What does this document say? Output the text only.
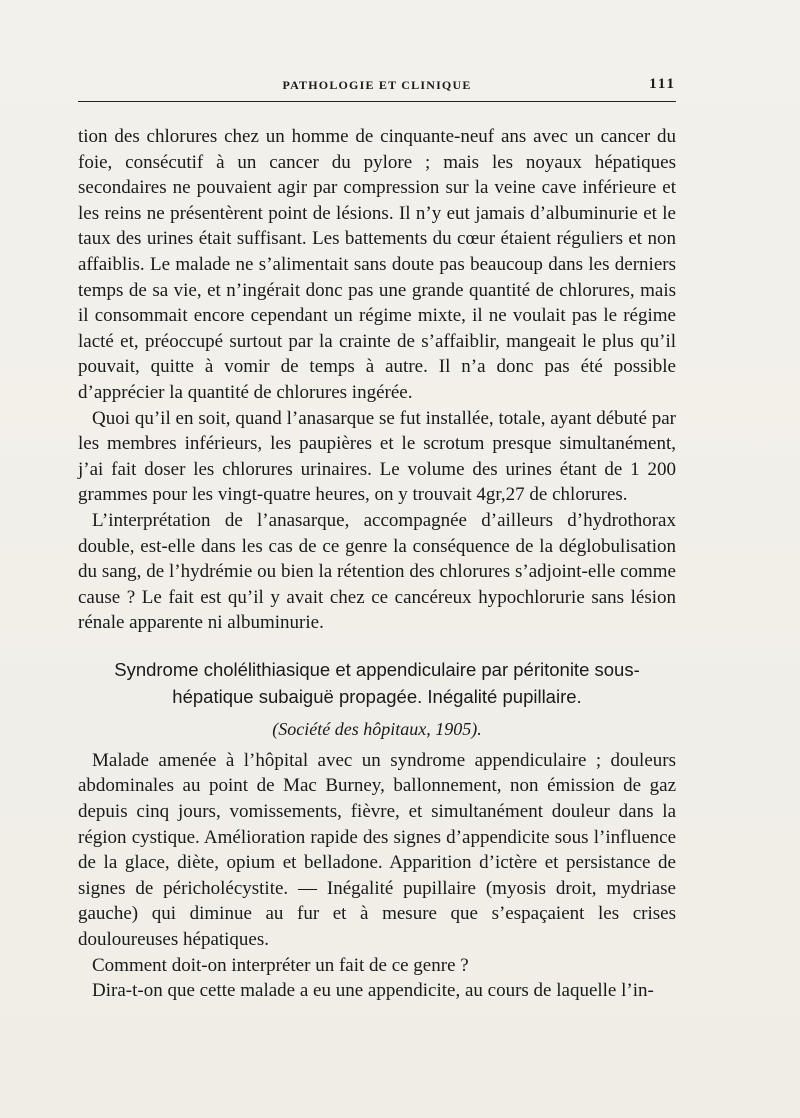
PATHOLOGIE ET CLINIQUE	111

tion des chlorures chez un homme de cinquante-neuf ans avec un cancer du foie, consécutif à un cancer du pylore ; mais les noyaux hépatiques secondaires ne pouvaient agir par compression sur la veine cave inférieure et les reins ne présentèrent point de lésions. Il n’y eut jamais d’albuminurie et le taux des urines était suffisant. Les battements du cœur étaient réguliers et non affaiblis. Le malade ne s’alimentait sans doute pas beaucoup dans les derniers temps de sa vie, et n’ingérait donc pas une grande quantité de chlorures, mais il consommait encore cependant un régime mixte, il ne voulait pas le régime lacté et, préoccupé surtout par la crainte de s’affaiblir, mangeait le plus qu’il pouvait, quitte à vomir de temps à autre. Il n’a donc pas été possible d’apprécier la quantité de chlorures ingérée.

Quoi qu’il en soit, quand l’anasarque se fut installée, totale, ayant débuté par les membres inférieurs, les paupières et le scrotum presque simultanément, j’ai fait doser les chlorures urinaires. Le volume des urines étant de 1 200 grammes pour les vingt-quatre heures, on y trouvait 4gr,27 de chlorures.

L’interprétation de l’anasarque, accompagnée d’ailleurs d’hydrothorax double, est-elle dans les cas de ce genre la conséquence de la déglobulisation du sang, de l’hydrémie ou bien la rétention des chlorures s’adjoint-elle comme cause ? Le fait est qu’il y avait chez ce cancéreux hypochlorurie sans lésion rénale apparente ni albuminurie.

Syndrome cholélithiasique et appendiculaire par péritonite sous-hépatique subaiguë propagée. Inégalité pupillaire.
(Société des hôpitaux, 1905).

Malade amenée à l’hôpital avec un syndrome appendiculaire ; douleurs abdominales au point de Mac Burney, ballonnement, non émission de gaz depuis cinq jours, vomissements, fièvre, et simultanément douleur dans la région cystique. Amélioration rapide des signes d’appendicite sous l’influence de la glace, diète, opium et belladone. Apparition d’ictère et persistance de signes de péricholécystite. — Inégalité pupillaire (myosis droit, mydriase gauche) qui diminue au fur et à mesure que s’espaçaient les crises douloureuses hépatiques.

Comment doit-on interpréter un fait de ce genre ?

Dira-t-on que cette malade a eu une appendicite, au cours de laquelle l’in-
